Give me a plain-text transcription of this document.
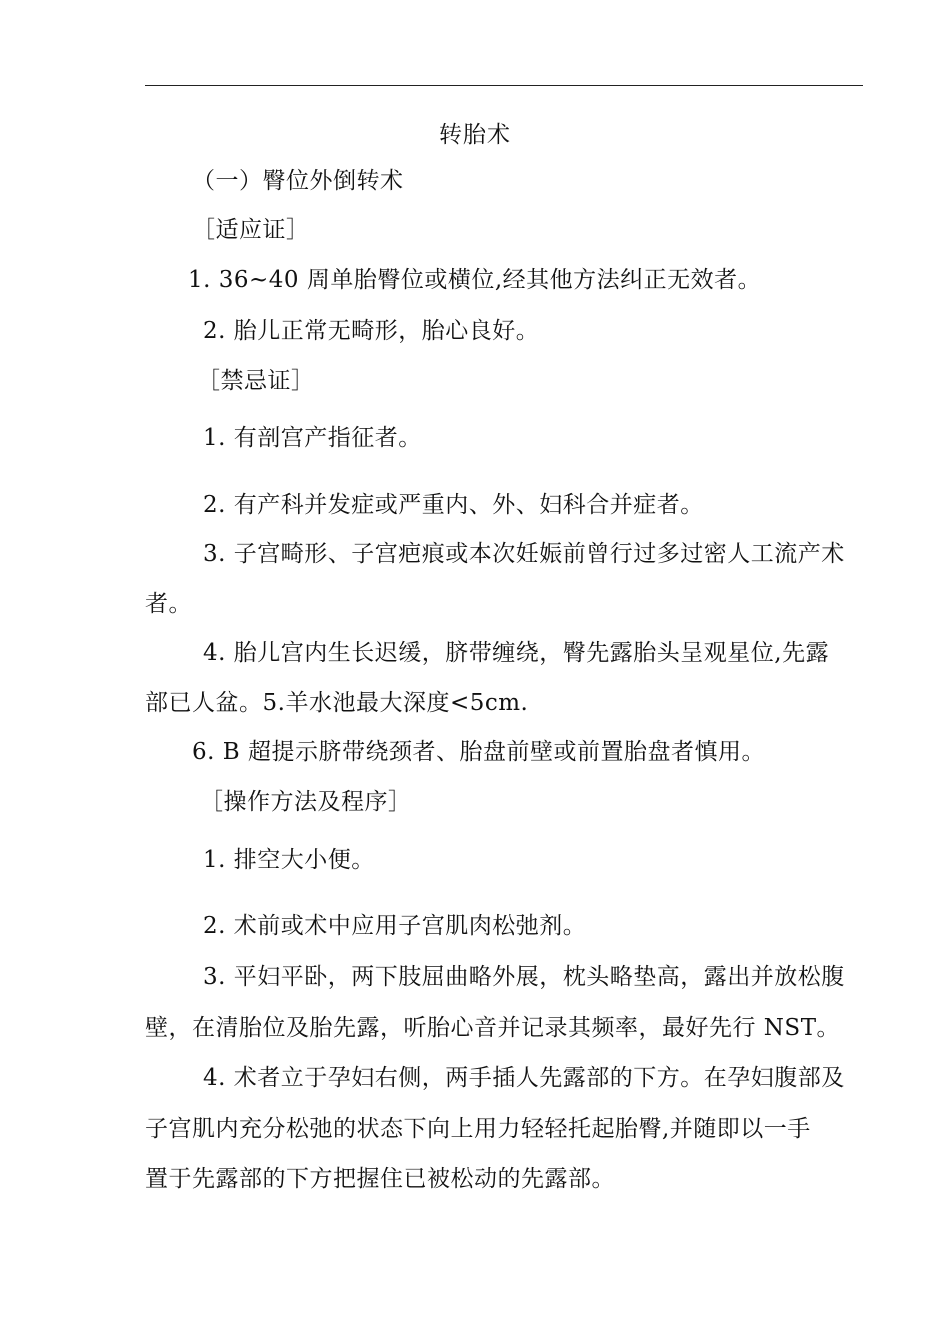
转胎术
（一）臀位外倒转术
［适应证］
1. 36~40 周单胎臀位或横位,经其他方法纠正无效者。
2. 胎儿正常无畸形，胎心良好。
［禁忌证］
1. 有剖宫产指征者。
2. 有产科并发症或严重内、外、妇科合并症者。
3. 子宫畸形、子宫疤痕或本次妊娠前曾行过多过密人工流产术
者。
4. 胎儿宫内生长迟缓，脐带缠绕，臀先露胎头呈观星位,先露
部已人盆。5.羊水池最大深度<5cm.
6. B 超提示脐带绕颈者、胎盘前壁或前置胎盘者慎用。
［操作方法及程序］
1. 排空大小便。
2. 术前或术中应用子宫肌肉松弛剂。
3. 平妇平卧，两下肢屈曲略外展，枕头略垫高，露出并放松腹
壁，在清胎位及胎先露，听胎心音并记录其频率，最好先行 NST。
4. 术者立于孕妇右侧，两手插人先露部的下方。在孕妇腹部及
子宫肌内充分松弛的状态下向上用力轻轻托起胎臀,并随即以一手
置于先露部的下方把握住已被松动的先露部。
